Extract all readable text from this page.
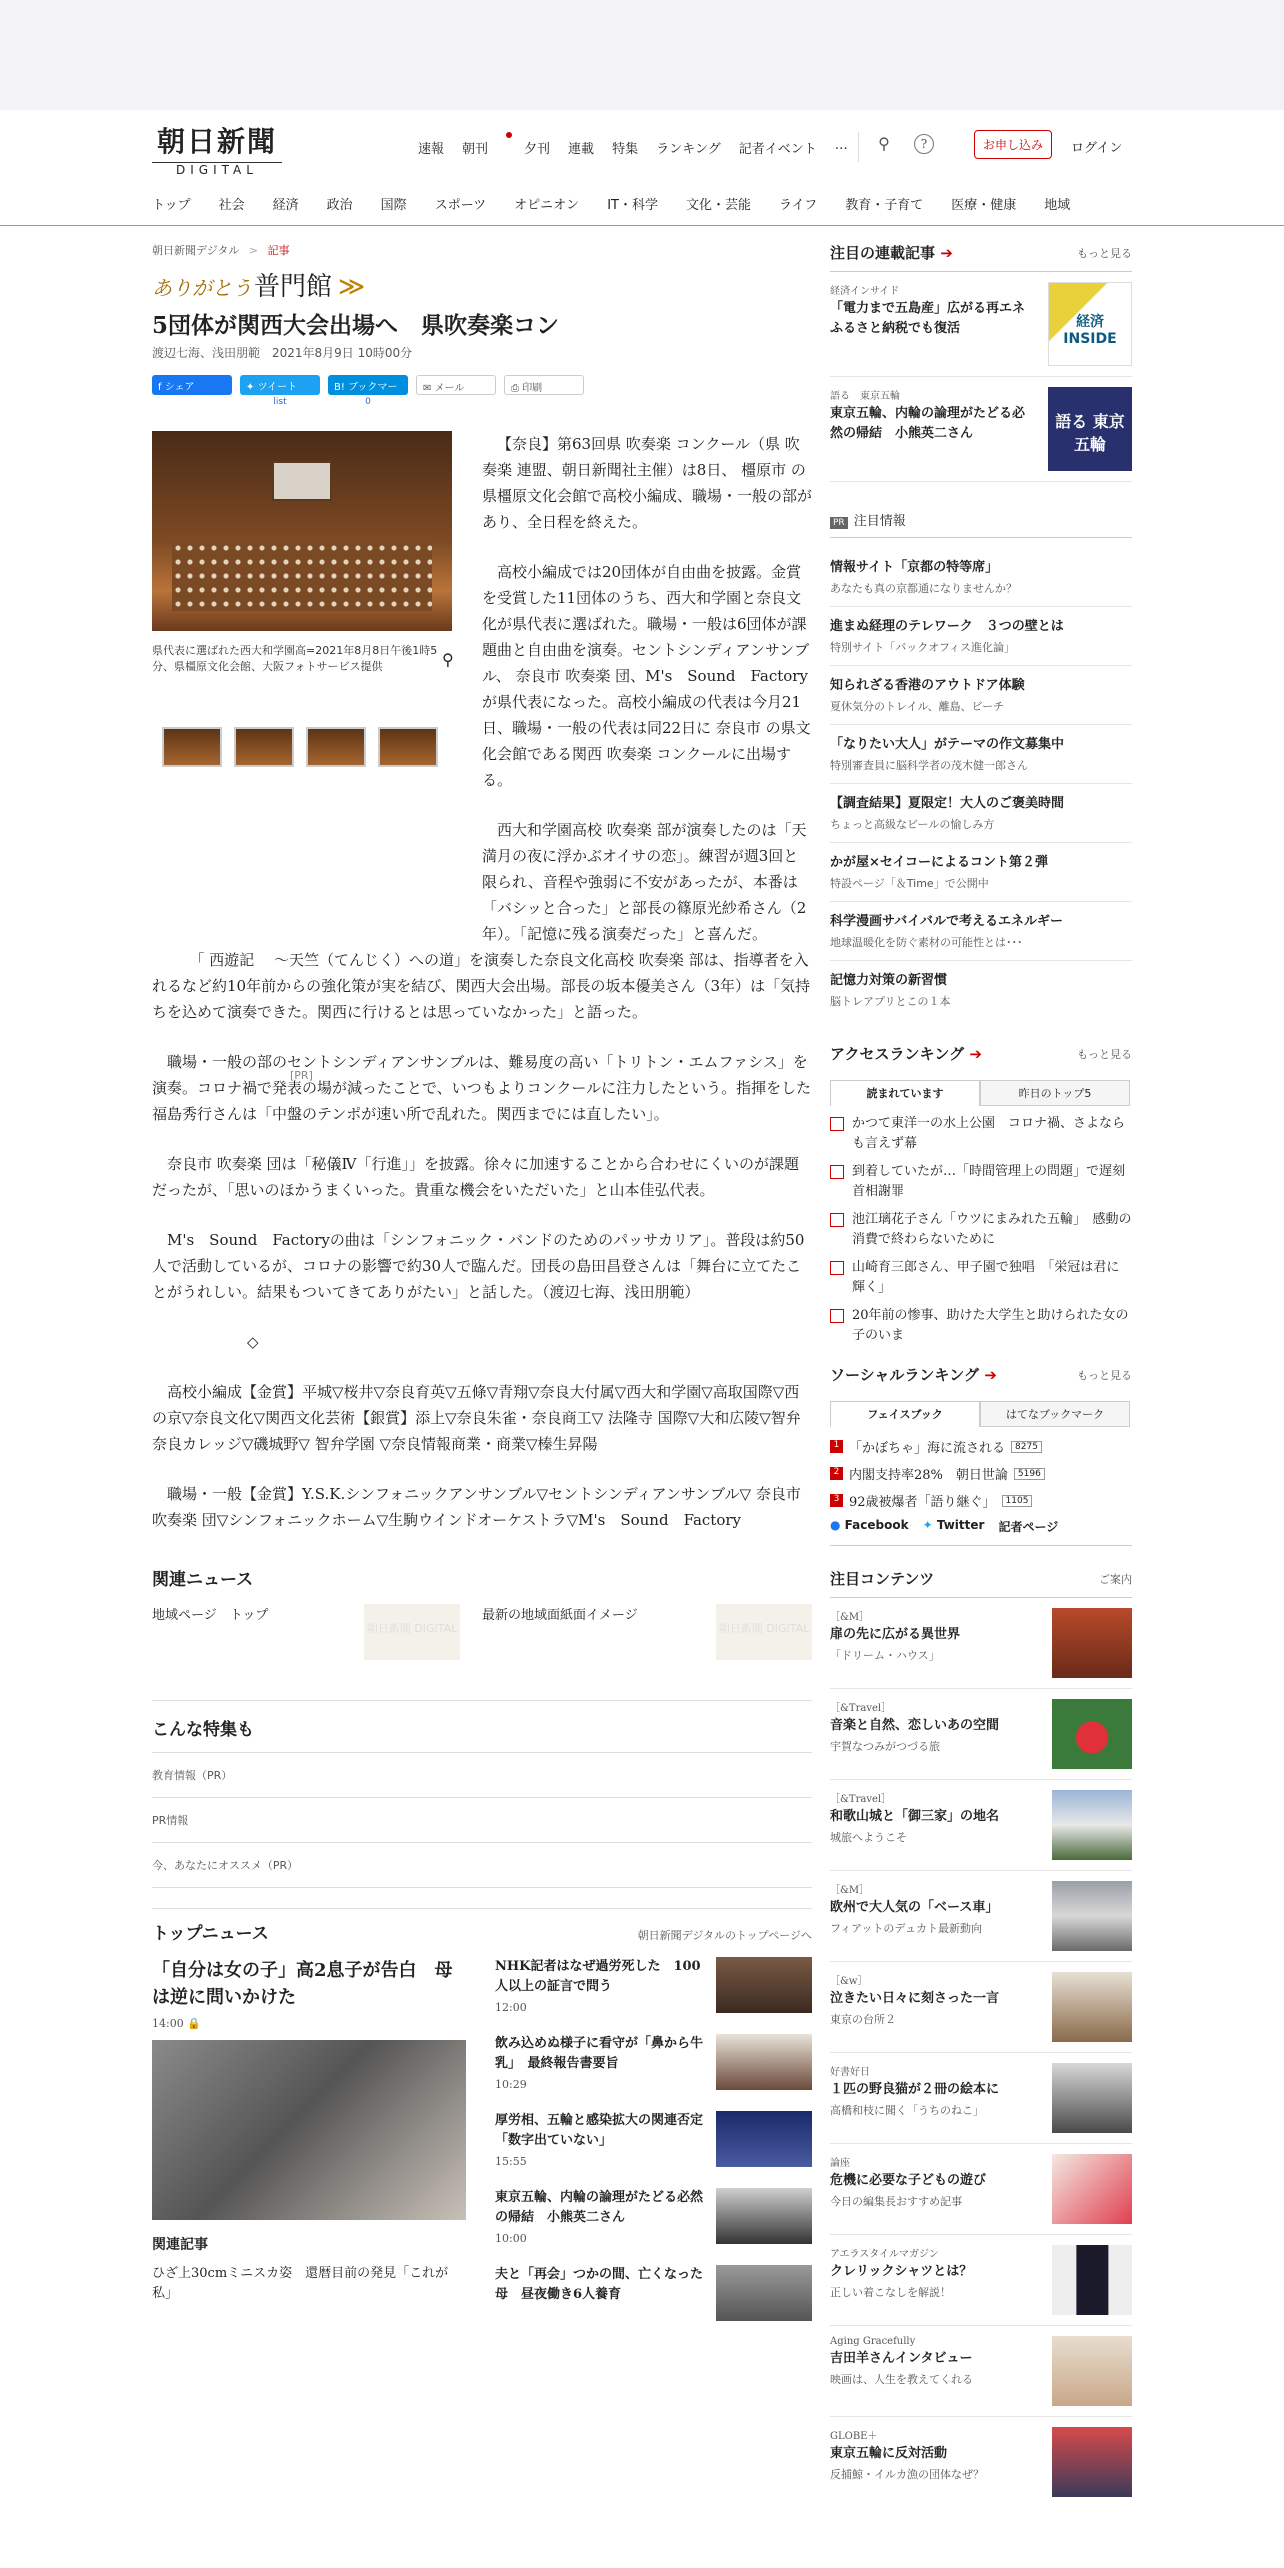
朝日新聞
DIGITAL
速報 朝刊	夕刊 連載 特集 ランキング 記者イベント …	⚲	?	お申し込み	ログイン
トップ 社会 経済 政治 国際 スポーツ オピニオン IT・科学 文化・芸能 ライフ 教育・子育て 医療・健康 地域
朝日新聞デジタル > 記事
ありがとう普門館 ≫
5団体が関西大会出場へ　県吹奏楽コン
渡辺七海、浅田朋範　2021年8月9日 10時00分
f シェア	✦ ツイート
list
B! ブックマーク	0
✉ メール	⎙ 印刷
県代表に選ばれた西大和学園高=2021年8月8日午後1時5分、県橿原文化会館、大阪フォトサービス提供	⚲
[PR]

【奈良】第63回県 吹奏楽 コンクール（県 吹奏楽 連盟、朝日新聞社主催）は8日、 橿原市 の県橿原文化会館で高校小編成、職場・一般の部があり、全日程を終えた。

高校小編成では20団体が自由曲を披露。金賞を受賞した11団体のうち、西大和学園と奈良文化が県代表に選ばれた。職場・一般は6団体が課題曲と自由曲を演奏。セントシンディアンサンブル、 奈良市 吹奏楽 団、M's　Sound　Factoryが県代表になった。高校小編成の代表は今月21日、職場・一般の代表は同22日に 奈良市 の県文化会館である関西 吹奏楽 コンクールに出場する。

西大和学園高校 吹奏楽 部が演奏したのは「天満月の夜に浮かぶオイサの恋」。練習が週3回と限られ、音程や強弱に不安があったが、本番は「バシッと合った」と部長の篠原光紗希さん（2年）。「記憶に残る演奏だった」と喜んだ。

「 西遊記 　～天竺（てんじく）への道」を演奏した奈良文化高校 吹奏楽 部は、指導者を入れるなど約10年前からの強化策が実を結び、関西大会出場。部長の坂本優美さん（3年）は「気持ちを込めて演奏できた。関西に行けるとは思っていなかった」と語った。

職場・一般の部のセントシンディアンサンブルは、難易度の高い「トリトン・エムファシス」を演奏。コロナ禍で発表の場が減ったことで、いつもよりコンクールに注力したという。指揮をした福島秀行さんは「中盤のテンポが速い所で乱れた。関西までには直したい」。

奈良市 吹奏楽 団は「秘儀Ⅳ「行進」」を披露。徐々に加速することから合わせにくいのが課題だったが、「思いのほかうまくいった。貴重な機会をいただいた」と山本佳弘代表。

M's　Sound　Factoryの曲は「シンフォニック・バンドのためのパッサカリア」。普段は約50人で活動しているが、コロナの影響で約30人で臨んだ。団長の島田昌登さんは「舞台に立てたことがうれしい。結果もついてきてありがたい」と話した。（渡辺七海、浅田朋範）

◇

高校小編成【金賞】平城▽桜井▽奈良育英▽五條▽青翔▽奈良大付属▽西大和学園▽高取国際▽西の京▽奈良文化▽関西文化芸術【銀賞】添上▽奈良朱雀・奈良商工▽ 法隆寺 国際▽大和広陵▽智弁奈良カレッジ▽磯城野▽ 智弁学園 ▽奈良情報商業・商業▽榛生昇陽

職場・一般【金賞】Y.S.K.シンフォニックアンサンブル▽セントシンディアンサンブル▽ 奈良市 吹奏楽 団▽シンフォニックホーム▽生駒ウインドオーケストラ▽M's　Sound　Factory

関連ニュース
地域ページ　トップ
朝日新聞 DIGITAL
最新の地域面紙面イメージ
朝日新聞 DIGITAL
こんな特集も
教育情報（PR）
PR情報
今、あなたにオススメ（PR）
トップニュース	朝日新聞デジタルのトップページへ
「自分は女の子」高2息子が告白　母は逆に問いかけた
14:00 🔒
関連記事
ひざ上30cmミニスカ姿　還暦目前の発見「これが私」
NHK記者はなぜ過労死した　100人以上の証言で問う
12:00
飲み込めぬ様子に看守が「鼻から牛乳」　最終報告書要旨
10:29
厚労相、五輪と感染拡大の関連否定「数字出ていない」
15:55
東京五輪、内輪の論理がたどる必然の帰結　小熊英二さん
10:00
夫と「再会」つかの間、亡くなった母　昼夜働き6人養育
注目の連載記事 ➔	もっと見る
経済インサイド
「電力まで五島産」広がる再エネ　ふるさと納税でも復活	経済 INSIDE
語る　東京五輪
東京五輪、内輪の論理がたどる必然の帰結　小熊英二さん
語る 東京五輪
PR 注目情報
情報サイト「京都の特等席」
あなたも真の京都通になりませんか？
進まぬ経理のテレワーク　３つの壁とは
特別サイト「バックオフィス進化論」
知られざる香港のアウトドア体験
夏休気分のトレイル、離島、ビーチ
「なりたい大人」がテーマの作文募集中
特別審査員に脳科学者の茂木健一郎さん
【調査結果】夏限定！大人のご褒美時間
ちょっと高級なビールの愉しみ方
かが屋×セイコーによるコント第２弾
特設ページ「＆Time」で公開中
科学漫画サバイバルで考えるエネルギー
地球温暖化を防ぐ素材の可能性とは･･･
記憶力対策の新習慣
脳トレアプリとこの１本
アクセスランキング ➔	もっと見る
読まれています	昨日のトップ5
かつて東洋一の水上公園　コロナ禍、さよならも言えず幕
到着していたが…「時間管理上の問題」で遅刻　首相謝罪
池江璃花子さん「ウツにまみれた五輪」　感動の消費で終わらないために
山崎育三郎さん、甲子園で独唱　「栄冠は君に輝く」
20年前の惨事、助けた大学生と助けられた女の子のいま
ソーシャルランキング ➔	もっと見る
フェイスブック	はてなブックマーク
1 「かぼちゃ」海に流される	8275
2 内閣支持率28%　朝日世論	5196
3 92歳被爆者「語り継ぐ」	1105
● Facebook ✦ Twitter 記者ページ
注目コンテンツ	ご案内
［&M］
扉の先に広がる異世界
「ドリーム・ハウス」
［&Travel］
音楽と自然、恋しいあの空間
宇賀なつみがつづる旅
［&Travel］
和歌山城と「御三家」の地名
城旅へようこそ
［&M］
欧州で大人気の「ベース車」
フィアットのデュカト最新動向
［&w］
泣きたい日々に刻さった一言
東京の台所２
好書好日
１匹の野良猫が２冊の絵本に
高橋和枝に聞く「うちのねこ」
論座
危機に必要な子どもの遊び
今日の編集長おすすめ記事
アエラスタイルマガジン
クレリックシャツとは？
正しい着こなしを解説！
Aging Gracefully
吉田羊さんインタビュー
映画は、人生を教えてくれる
GLOBE＋
東京五輪に反対活動
反捕鯨・イルカ漁の団体なぜ？
